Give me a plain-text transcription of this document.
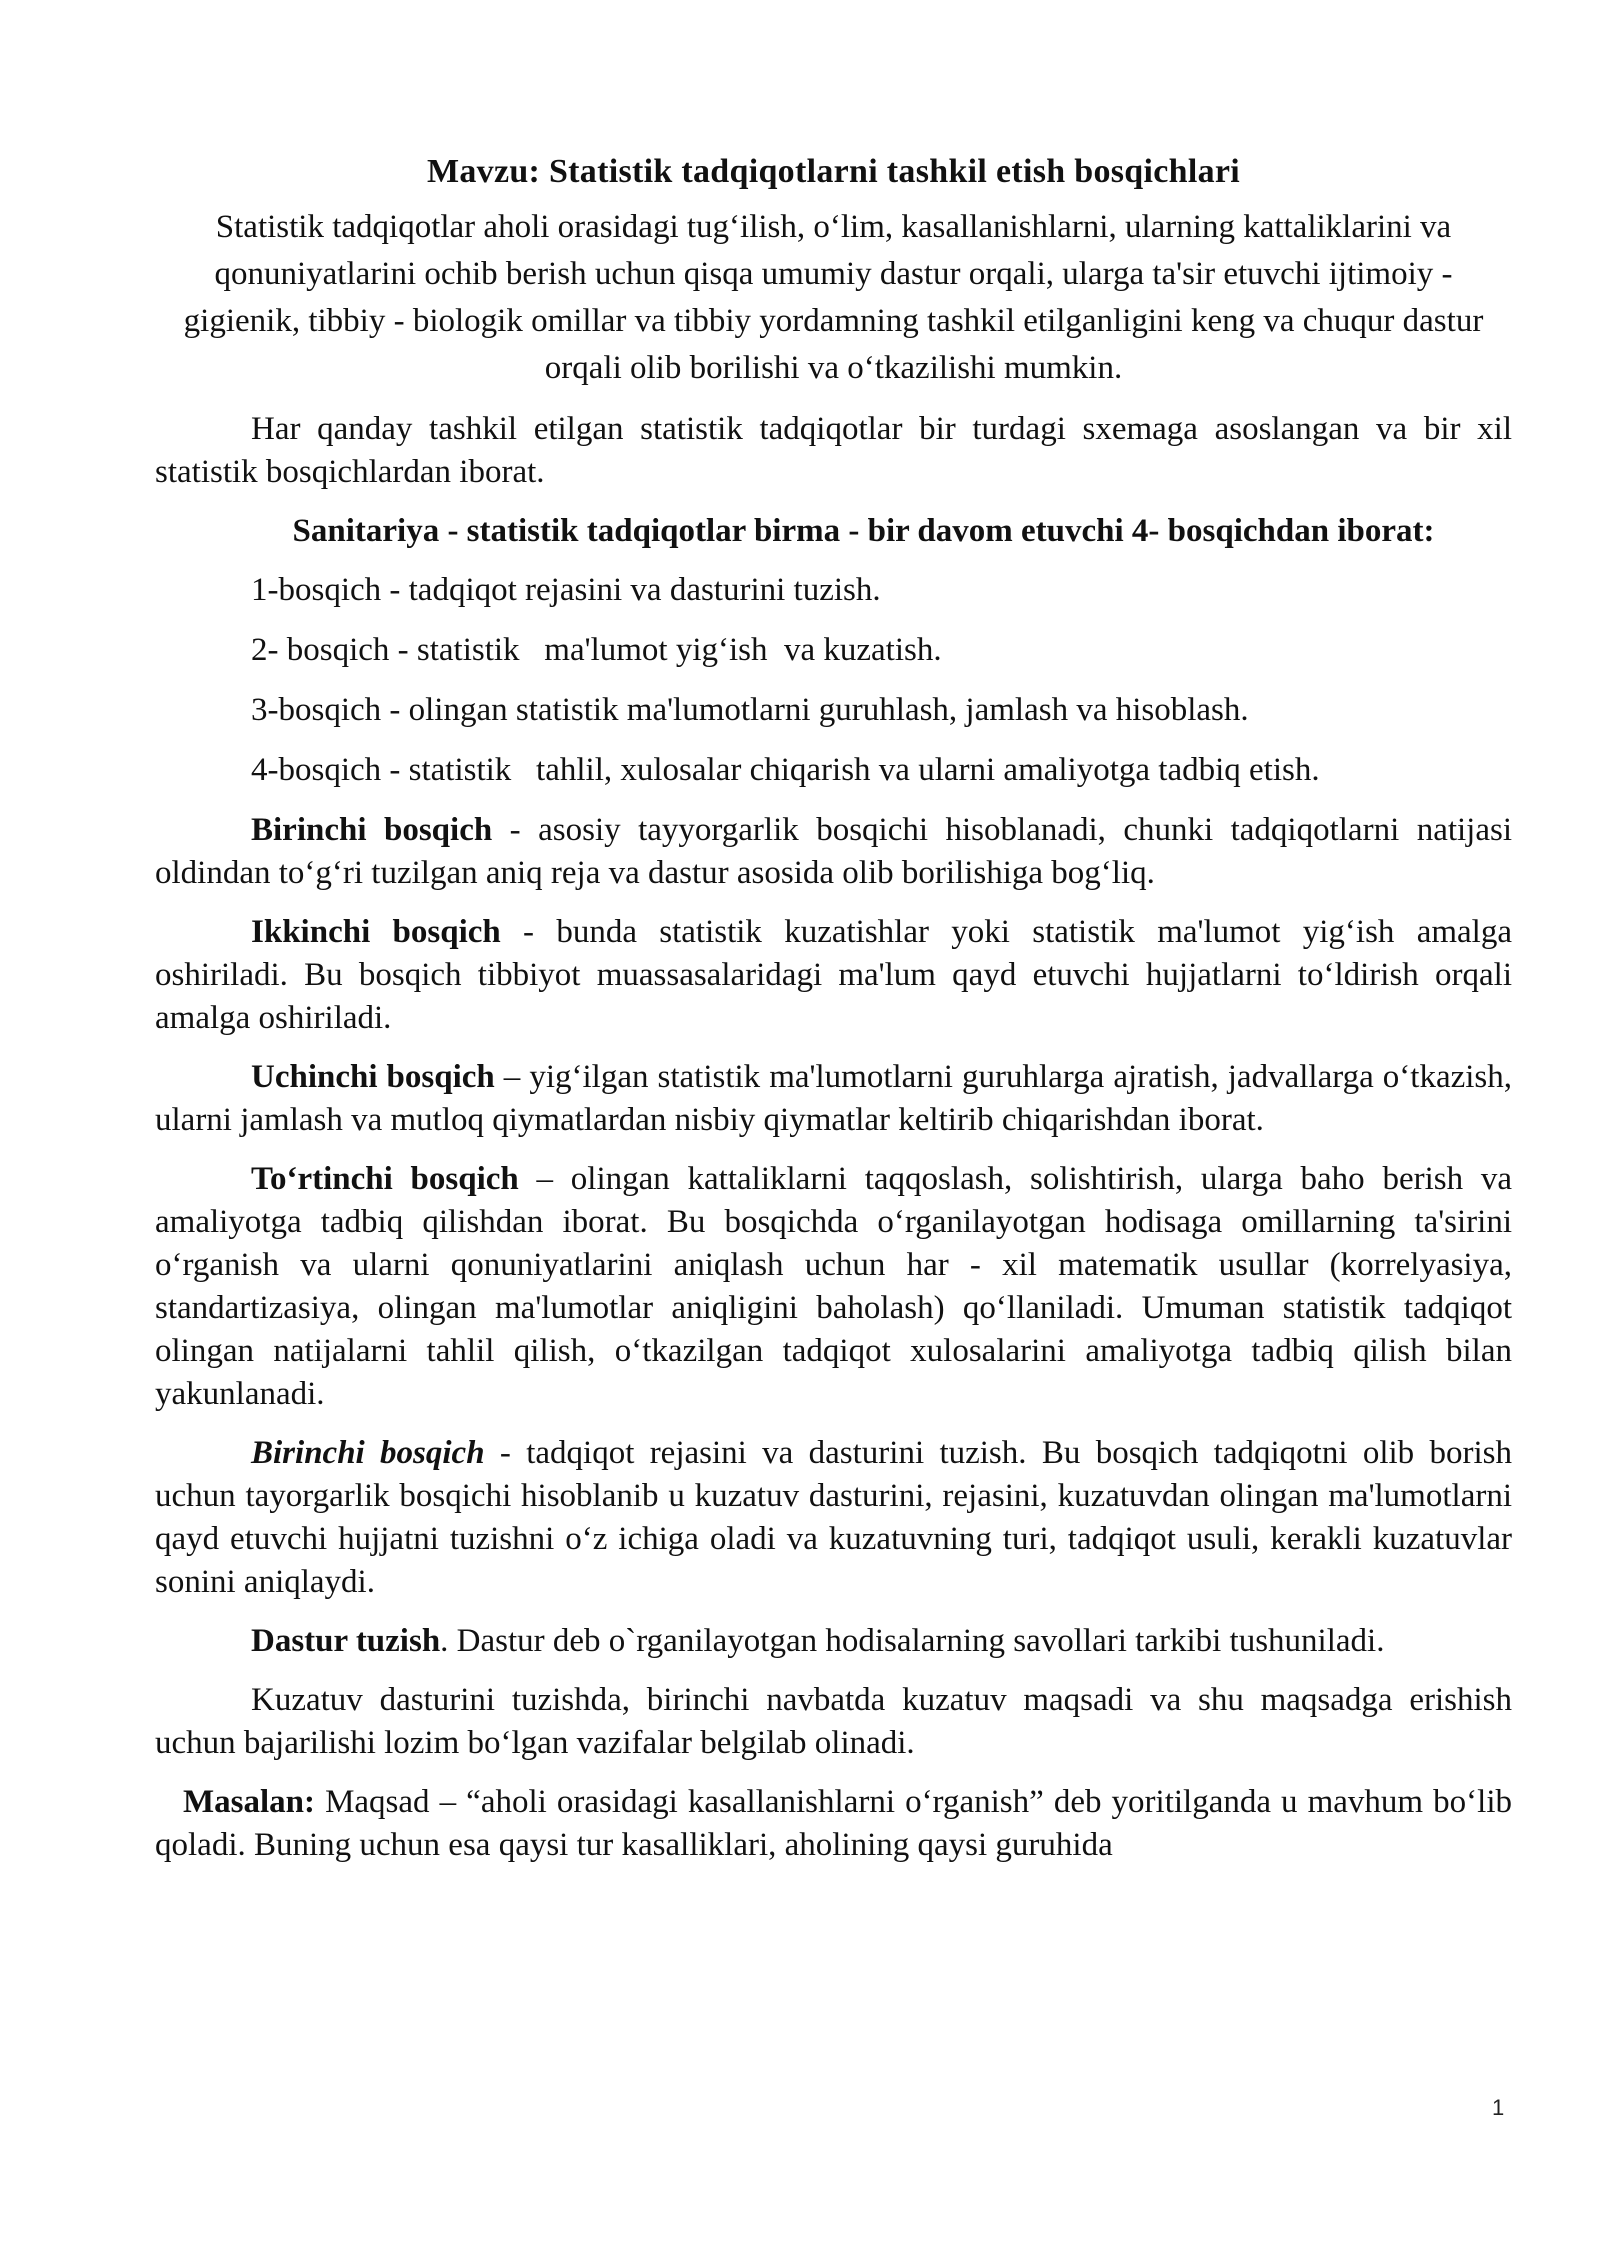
Mavzu: Statistik tadqiqotlarni tashkil etish bosqichlari

Statistik tadqiqotlar aholi orasidagi tug‘ilish, o‘lim, kasallanishlarni, ularning kattaliklarini va qonuniyatlarini ochib berish uchun qisqa umumiy dastur orqali, ularga ta'sir etuvchi ijtimoiy - gigienik, tibbiy - biologik omillar va tibbiy yordamning tashkil etilganligini keng va chuqur dastur orqali olib borilishi va o‘tkazilishi mumkin.

Har qanday tashkil etilgan statistik tadqiqotlar bir turdagi sxemaga asoslangan va bir xil statistik bosqichlardan iborat.

Sanitariya - statistik tadqiqotlar birma - bir davom etuvchi 4- bosqichdan iborat:

1-bosqich - tadqiqot rejasini va dasturini tuzish.

2- bosqich - statistik   ma'lumot yig‘ish  va kuzatish.

3-bosqich - olingan statistik ma'lumotlarni guruhlash, jamlash va hisoblash.

4-bosqich - statistik   tahlil, xulosalar chiqarish va ularni amaliyotga tadbiq etish.

Birinchi bosqich - asosiy tayyorgarlik bosqichi hisoblanadi, chunki tadqiqotlarni natijasi oldindan to‘g‘ri tuzilgan aniq reja va dastur asosida olib borilishiga bog‘liq.

Ikkinchi bosqich - bunda statistik kuzatishlar yoki statistik ma'lumot yig‘ish amalga oshiriladi. Bu bosqich tibbiyot muassasalaridagi ma'lum qayd etuvchi hujjatlarni to‘ldirish orqali amalga oshiriladi.

Uchinchi bosqich – yig‘ilgan statistik ma'lumotlarni guruhlarga ajratish, jadvallarga o‘tkazish, ularni jamlash va mutloq qiymatlardan nisbiy qiymatlar keltirib chiqarishdan iborat.

To‘rtinchi bosqich – olingan kattaliklarni taqqoslash, solishtirish, ularga baho berish va amaliyotga tadbiq qilishdan iborat. Bu bosqichda o‘rganilayotgan hodisaga omillarning ta'sirini o‘rganish va ularni qonuniyatlarini aniqlash uchun har - xil matematik usullar (korrelyasiya, standartizasiya, olingan ma'lumotlar aniqligini baholash) qo‘llaniladi. Umuman statistik tadqiqot olingan natijalarni tahlil qilish, o‘tkazilgan tadqiqot xulosalarini amaliyotga tadbiq qilish bilan yakunlanadi.

Birinchi bosqich - tadqiqot rejasini va dasturini tuzish. Bu bosqich tadqiqotni olib borish uchun tayorgarlik bosqichi hisoblanib u kuzatuv dasturini, rejasini, kuzatuvdan olingan ma'lumotlarni qayd etuvchi hujjatni tuzishni o‘z ichiga oladi va kuzatuvning turi, tadqiqot usuli, kerakli kuzatuvlar sonini aniqlaydi.

Dastur tuzish. Dastur deb o`rganilayotgan hodisalarning savollari tarkibi tushuniladi.

Kuzatuv dasturini tuzishda, birinchi navbatda kuzatuv maqsadi va shu maqsadga erishish uchun bajarilishi lozim bo‘lgan vazifalar belgilab olinadi.

Masalan: Maqsad – “aholi orasidagi kasallanishlarni o‘rganish” deb yoritilganda u mavhum bo‘lib qoladi. Buning uchun esa qaysi tur kasalliklari, aholining qaysi guruhida

1
